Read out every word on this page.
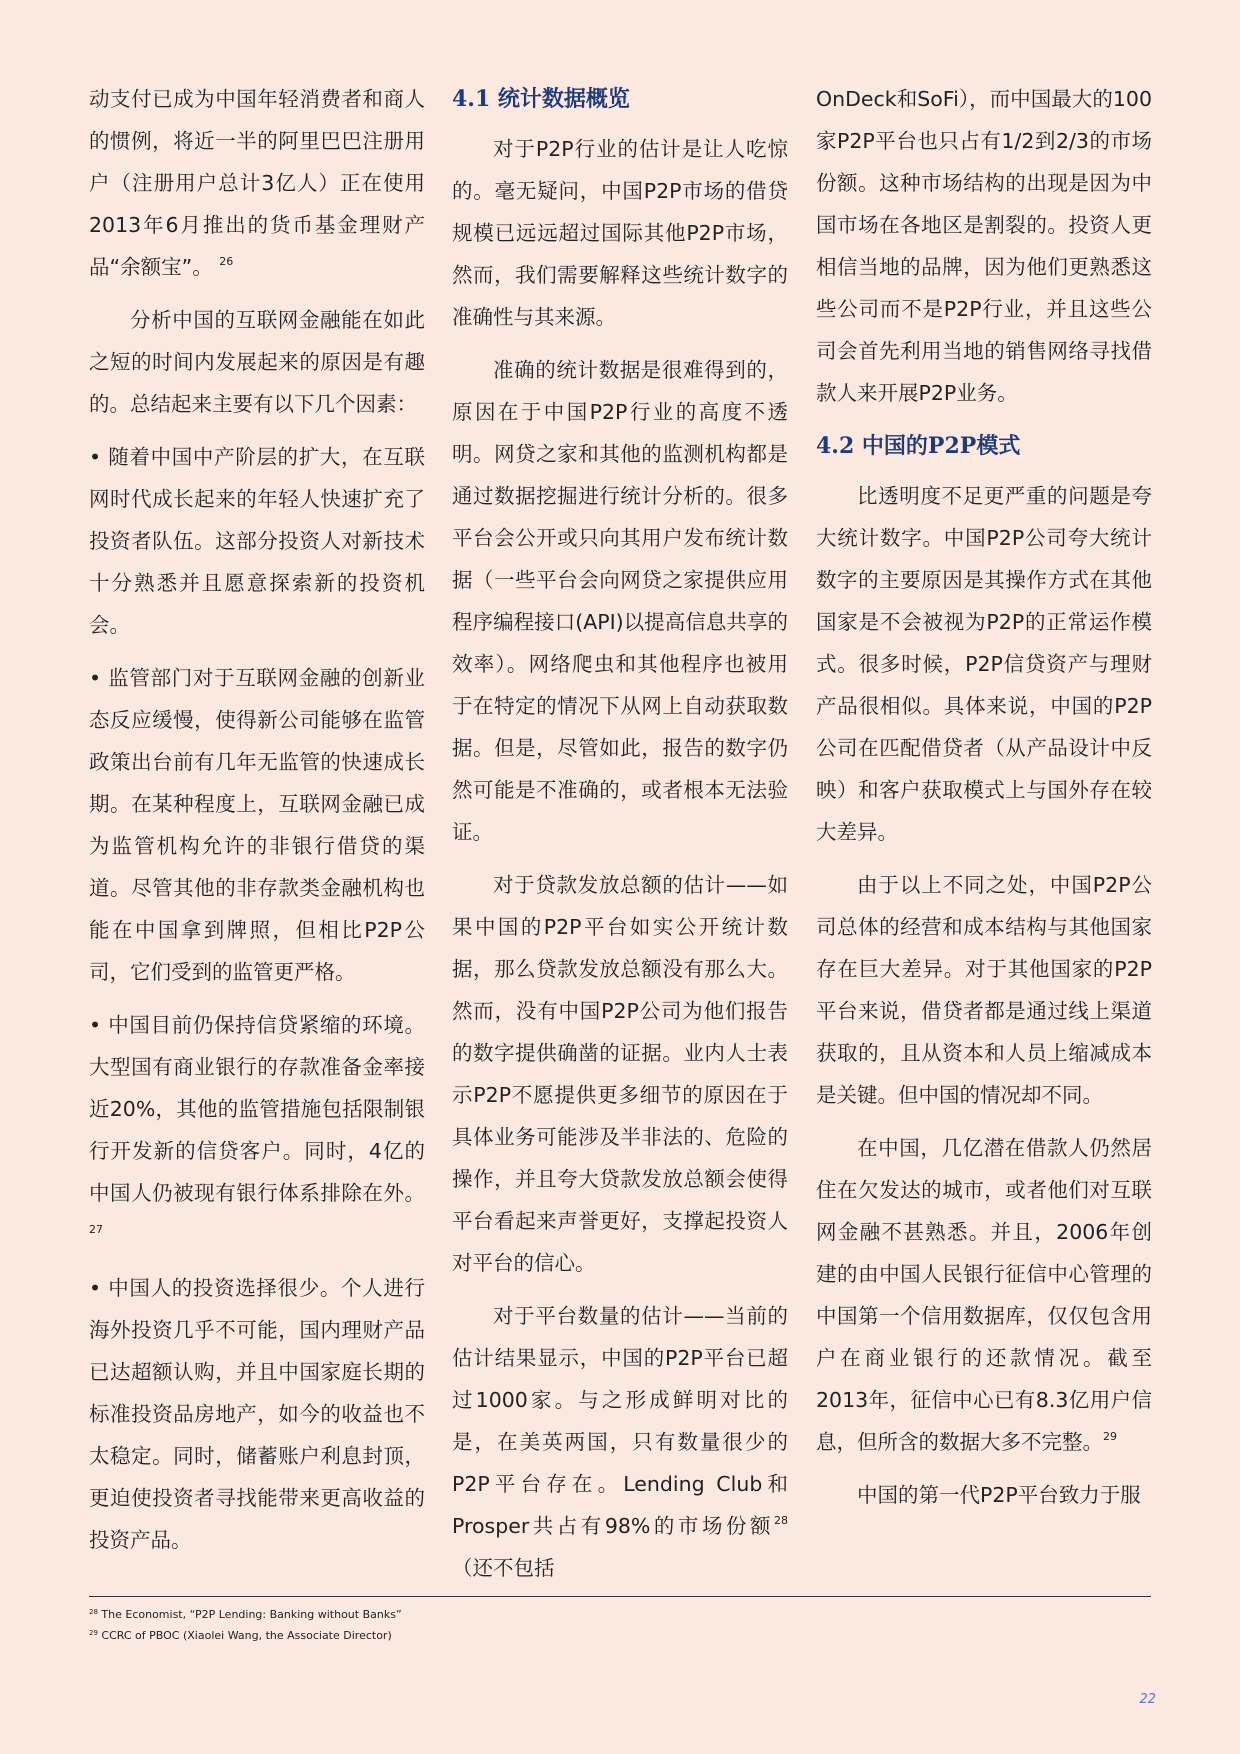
动支付已成为中国年轻消费者和商人的惯例，将近一半的阿里巴巴注册用户（注册用户总计3亿人）正在使用2013年6月推出的货币基金理财产品“余额宝”。 $^{26}$

分析中国的互联网金融能在如此之短的时间内发展起来的原因是有趣的。总结起来主要有以下几个因素：

• 随着中国中产阶层的扩大，在互联网时代成长起来的年轻人快速扩充了投资者队伍。这部分投资人对新技术十分熟悉并且愿意探索新的投资机会。

• 监管部门对于互联网金融的创新业态反应缓慢，使得新公司能够在监管政策出台前有几年无监管的快速成长期。在某种程度上，互联网金融已成为监管机构允许的非银行借贷的渠道。尽管其他的非存款类金融机构也能在中国拿到牌照，但相比P2P公司，它们受到的监管更严格。

• 中国目前仍保持信贷紧缩的环境。大型国有商业银行的存款准备金率接近20%，其他的监管措施包括限制银行开发新的信贷客户。同时，4亿的中国人仍被现有银行体系排除在外。 $^{27}$

• 中国人的投资选择很少。个人进行海外投资几乎不可能，国内理财产品已达超额认购，并且中国家庭长期的标准投资品房地产，如今的收益也不太稳定。同时，储蓄账户利息封顶，更迫使投资者寻找能带来更高收益的投资产品。

4.1 统计数据概览

对于P2P行业的估计是让人吃惊的。毫无疑问，中国P2P市场的借贷规模已远远超过国际其他P2P市场，然而，我们需要解释这些统计数字的准确性与其来源。

准确的统计数据是很难得到的，原因在于中国P2P行业的高度不透明。网贷之家和其他的监测机构都是通过数据挖掘进行统计分析的。很多平台会公开或只向其用户发布统计数据（一些平台会向网贷之家提供应用程序编程接口(API)以提高信息共享的效率）。网络爬虫和其他程序也被用于在特定的情况下从网上自动获取数据。但是，尽管如此，报告的数字仍然可能是不准确的，或者根本无法验证。

对于贷款发放总额的估计——如果中国的P2P平台如实公开统计数据，那么贷款发放总额没有那么大。然而，没有中国P2P公司为他们报告的数字提供确凿的证据。业内人士表示P2P不愿提供更多细节的原因在于具体业务可能涉及半非法的、危险的操作，并且夸大贷款发放总额会使得平台看起来声誉更好，支撑起投资人对平台的信心。

对于平台数量的估计——当前的估计结果显示，中国的P2P平台已超过1000家。与之形成鲜明对比的是，在美英两国，只有数量很少的P2P平台存在。Lending Club和 Prosper共占有98%的市场份额$^{28}$（还不包括

OnDeck和SoFi），而中国最大的100家P2P平台也只占有1/2到2/3的市场份额。这种市场结构的出现是因为中国市场在各地区是割裂的。投资人更相信当地的品牌，因为他们更熟悉这些公司而不是P2P行业，并且这些公司会首先利用当地的销售网络寻找借款人来开展P2P业务。

4.2 中国的P2P模式

比透明度不足更严重的问题是夸大统计数字。中国P2P公司夸大统计数字的主要原因是其操作方式在其他国家是不会被视为P2P的正常运作模式。很多时候，P2P信贷资产与理财产品很相似。具体来说，中国的P2P公司在匹配借贷者（从产品设计中反映）和客户获取模式上与国外存在较大差异。

由于以上不同之处，中国P2P公司总体的经营和成本结构与其他国家存在巨大差异。对于其他国家的P2P平台来说，借贷者都是通过线上渠道获取的，且从资本和人员上缩减成本是关键。但中国的情况却不同。

在中国，几亿潜在借款人仍然居住在欠发达的城市，或者他们对互联网金融不甚熟悉。并且，2006年创建的由中国人民银行征信中心管理的中国第一个信用数据库，仅仅包含用户在商业银行的还款情况。截至2013年，征信中心已有8.3亿用户信息，但所含的数据大多不完整。$^{29}$

中国的第一代P2P平台致力于服

$^{28}$ The Economist, “P2P Lending: Banking without Banks”
$^{29}$ CCRC of PBOC (Xiaolei Wang, the Associate Director)
22
